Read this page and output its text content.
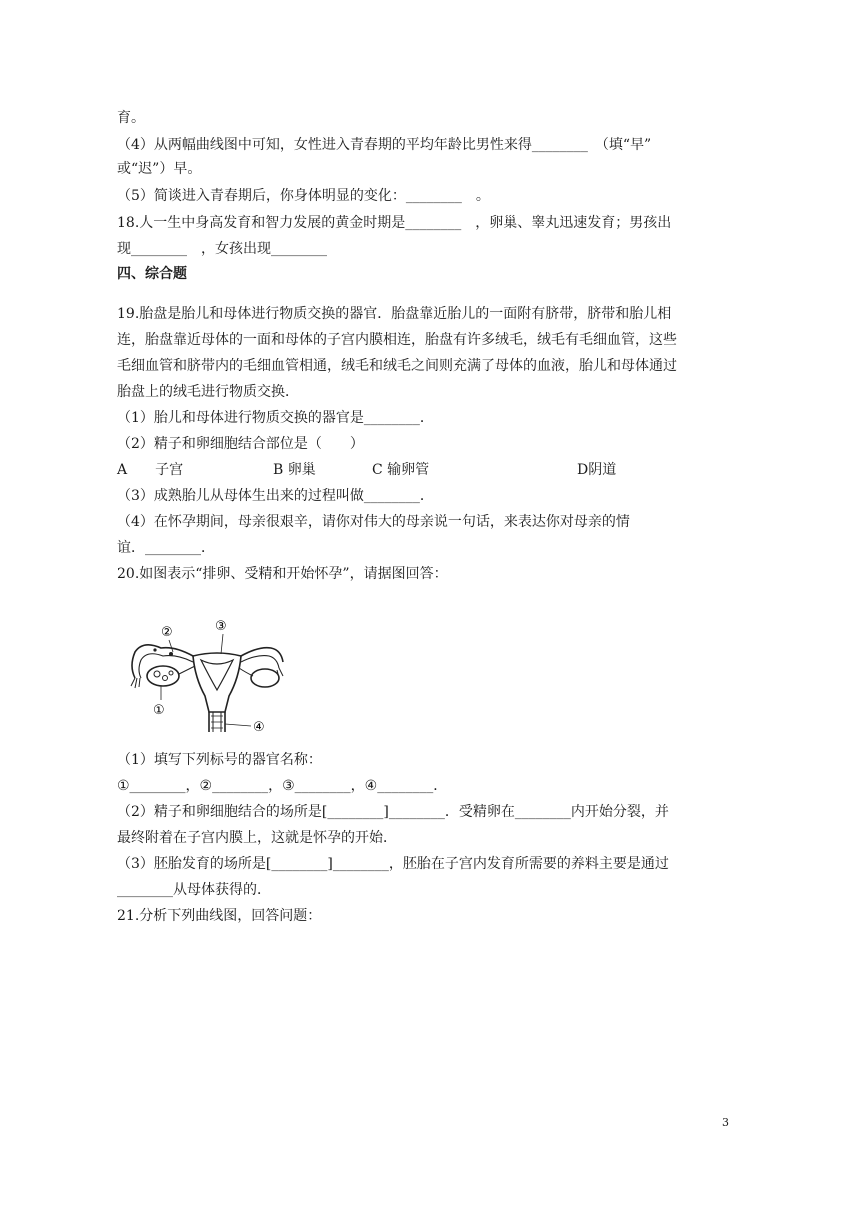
育。
（4）从两幅曲线图中可知，女性进入青春期的平均年龄比男性来得________　（填“早”
或“迟”）早。
（5）简谈进入青春期后，你身体明显的变化：________　。
18.人一生中身高发育和智力发展的黄金时期是________　，卵巢、睾丸迅速发育；男孩出
现________　，女孩出现________
四、综合题
19.胎盘是胎儿和母体进行物质交换的器官．胎盘靠近胎儿的一面附有脐带，脐带和胎儿相
连，胎盘靠近母体的一面和母体的子宫内膜相连，胎盘有许多绒毛，绒毛有毛细血管，这些
毛细血管和脐带内的毛细血管相通，绒毛和绒毛之间则充满了母体的血液，胎儿和母体通过
胎盘上的绒毛进行物质交换．
（1）胎儿和母体进行物质交换的器官是________．
（2）精子和卵细胞结合部位是（　　）
A　　子宫	B 卵巢	C 输卵管	D阴道
（3）成熟胎儿从母体生出来的过程叫做________．
（4）在怀孕期间，母亲很艰辛，请你对伟大的母亲说一句话，来表达你对母亲的情
谊．________．
20.如图表示“排卵、受精和开始怀孕”，请据图回答：
②	③
①
④
（1）填写下列标号的器官名称：
①________，②________，③________，④________．
（2）精子和卵细胞结合的场所是[________]________．受精卵在________内开始分裂，并
最终附着在子宫内膜上，这就是怀孕的开始．
（3）胚胎发育的场所是[________]________，胚胎在子宫内发育所需要的养料主要是通过
________从母体获得的．
21.分析下列曲线图，回答问题：
3
